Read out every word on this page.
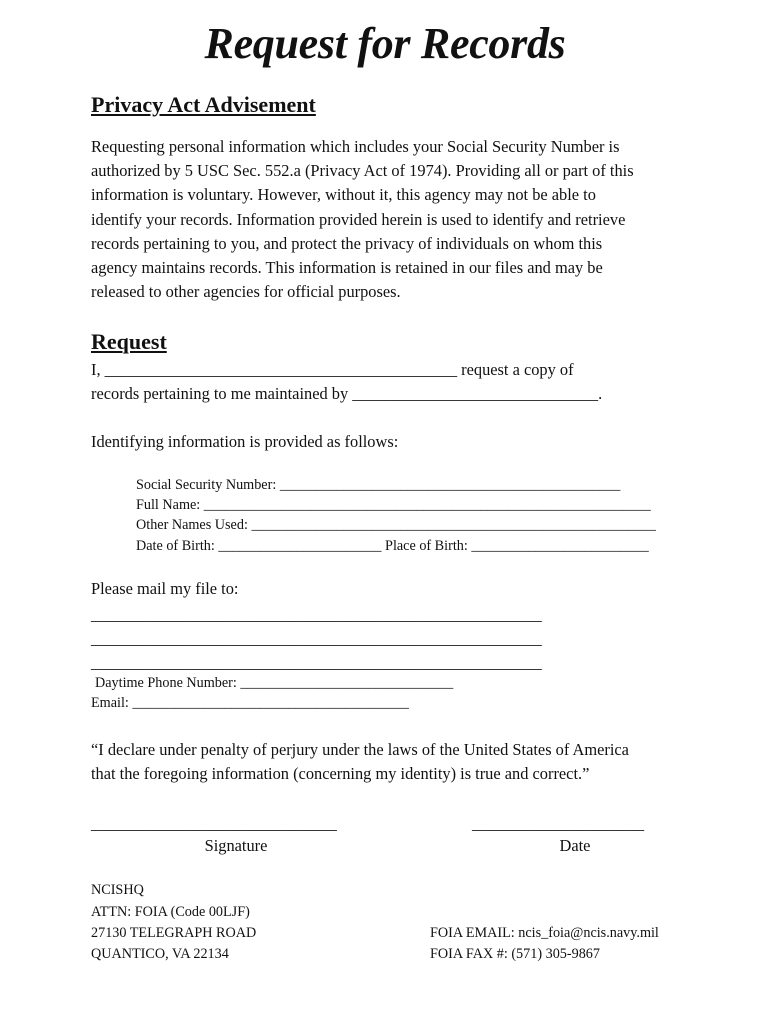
Request for Records
Privacy Act Advisement
Requesting personal information which includes your Social Security Number is
authorized by 5 USC Sec. 552.a (Privacy Act of 1974). Providing all or part of this
information is voluntary. However, without it, this agency may not be able to
identify your records. Information provided herein is used to identify and retrieve
records pertaining to you, and protect the privacy of individuals on whom this
agency maintains records. This information is retained in our files and may be
released to other agencies for official purposes.
Request
I, ___________________________________________ request a copy of
records pertaining to me maintained by ______________________________.
Identifying information is provided as follows:
Social Security Number: ________________________________________________
Full Name: _______________________________________________________________
Other Names Used: _________________________________________________________
Date of Birth: _______________________ Place of Birth: _________________________
Please mail my file to:
_______________________________________________________
_______________________________________________________
_______________________________________________________
Daytime Phone Number: ______________________________
Email: _______________________________________
“I declare under penalty of perjury under the laws of the United States of America
that the foregoing information (concerning my identity) is true and correct.”
______________________________
Signature
_____________________
Date
NCISHQ
ATTN: FOIA (Code 00LJF)
27130 TELEGRAPH ROAD
QUANTICO, VA 22134
FOIA EMAIL: ncis_foia@ncis.navy.mil
FOIA FAX #: (571) 305-9867
